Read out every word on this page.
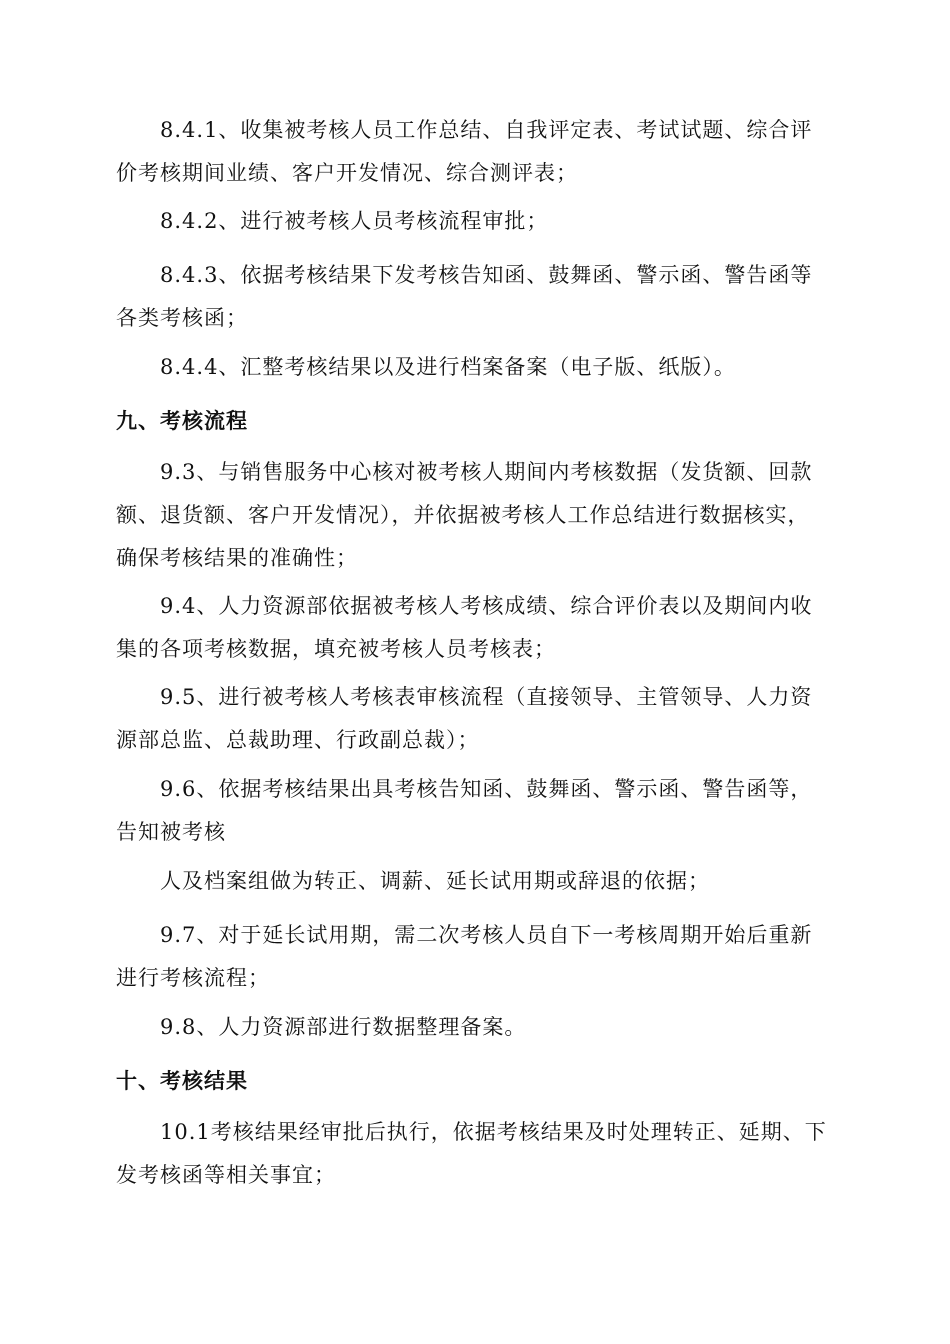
8.4.1、收集被考核人员工作总结、自我评定表、考试试题、综合评价考核期间业绩、客户开发情况、综合测评表；

8.4.2、进行被考核人员考核流程审批；

8.4.3、依据考核结果下发考核告知函、鼓舞函、警示函、警告函等各类考核函；

8.4.4、汇整考核结果以及进行档案备案（电子版、纸版）。

九、考核流程

9.3、与销售服务中心核对被考核人期间内考核数据（发货额、回款额、退货额、客户开发情况），并依据被考核人工作总结进行数据核实，确保考核结果的准确性；

9.4、人力资源部依据被考核人考核成绩、综合评价表以及期间内收集的各项考核数据，填充被考核人员考核表；

9.5、进行被考核人考核表审核流程（直接领导、主管领导、人力资源部总监、总裁助理、行政副总裁）；

9.6、依据考核结果出具考核告知函、鼓舞函、警示函、警告函等，告知被考核

人及档案组做为转正、调薪、延长试用期或辞退的依据；

9.7、对于延长试用期，需二次考核人员自下一考核周期开始后重新进行考核流程；

9.8、人力资源部进行数据整理备案。

十、考核结果

10.1考核结果经审批后执行，依据考核结果及时处理转正、延期、下发考核函等相关事宜；
